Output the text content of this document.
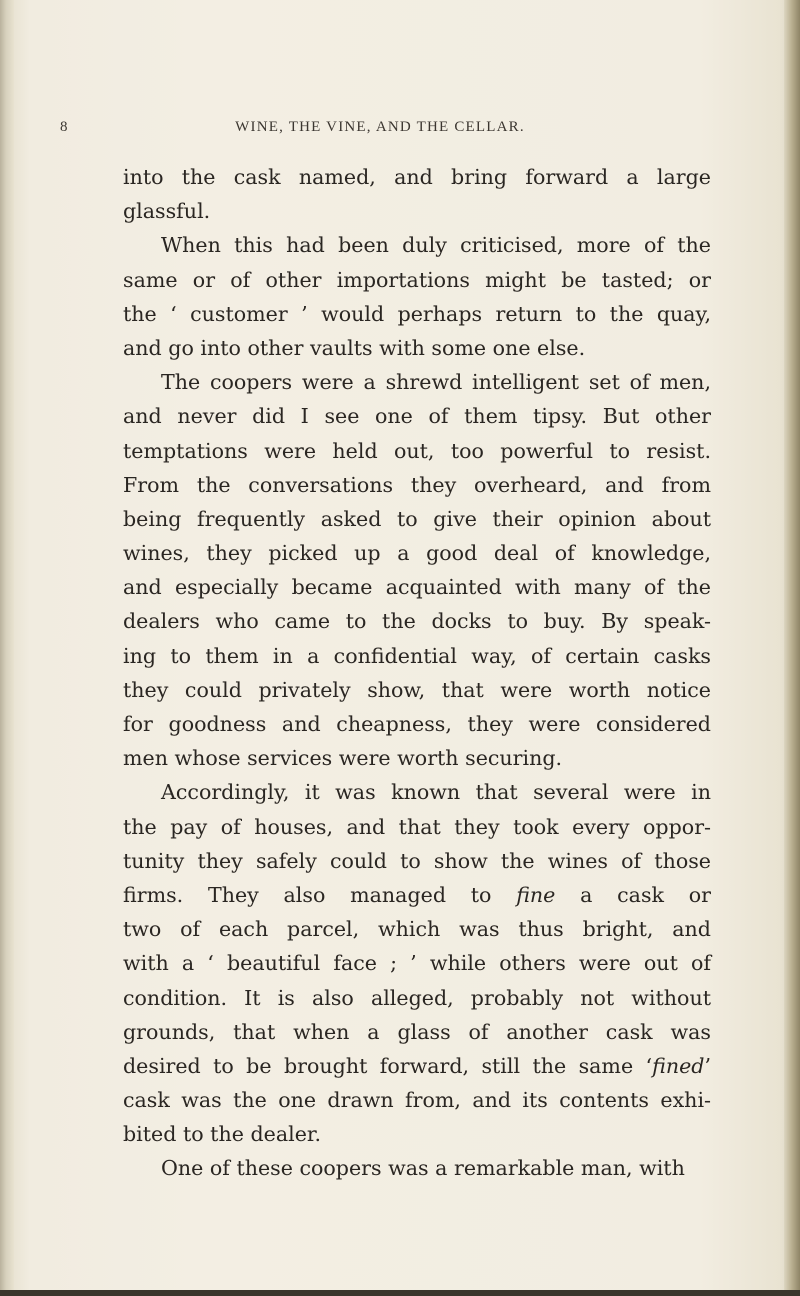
8	WINE, THE VINE, AND THE CELLAR.
into the cask named, and bring forward a large
glassful.
When this had been duly criticised, more of the
same or of other importations might be tasted; or
the ‘ customer ’ would perhaps return to the quay,
and go into other vaults with some one else.
The coopers were a shrewd intelligent set of men,
and never did I see one of them tipsy. But other
temptations were held out, too powerful to resist.
From the conversations they overheard, and from
being frequently asked to give their opinion about
wines, they picked up a good deal of knowledge,
and especially became acquainted with many of the
dealers who came to the docks to buy. By speak-
ing to them in a confidential way, of certain casks
they could privately show, that were worth notice
for goodness and cheapness, they were considered
men whose services were worth securing.
Accordingly, it was known that several were in
the pay of houses, and that they took every oppor-
tunity they safely could to show the wines of those
firms. They also managed to fine a cask or
two of each parcel, which was thus bright, and
with a ‘ beautiful face ; ’ while others were out of
condition. It is also alleged, probably not without
grounds, that when a glass of another cask was
desired to be brought forward, still the same ‘fined’
cask was the one drawn from, and its contents exhi-
bited to the dealer.
One of these coopers was a remarkable man, with
